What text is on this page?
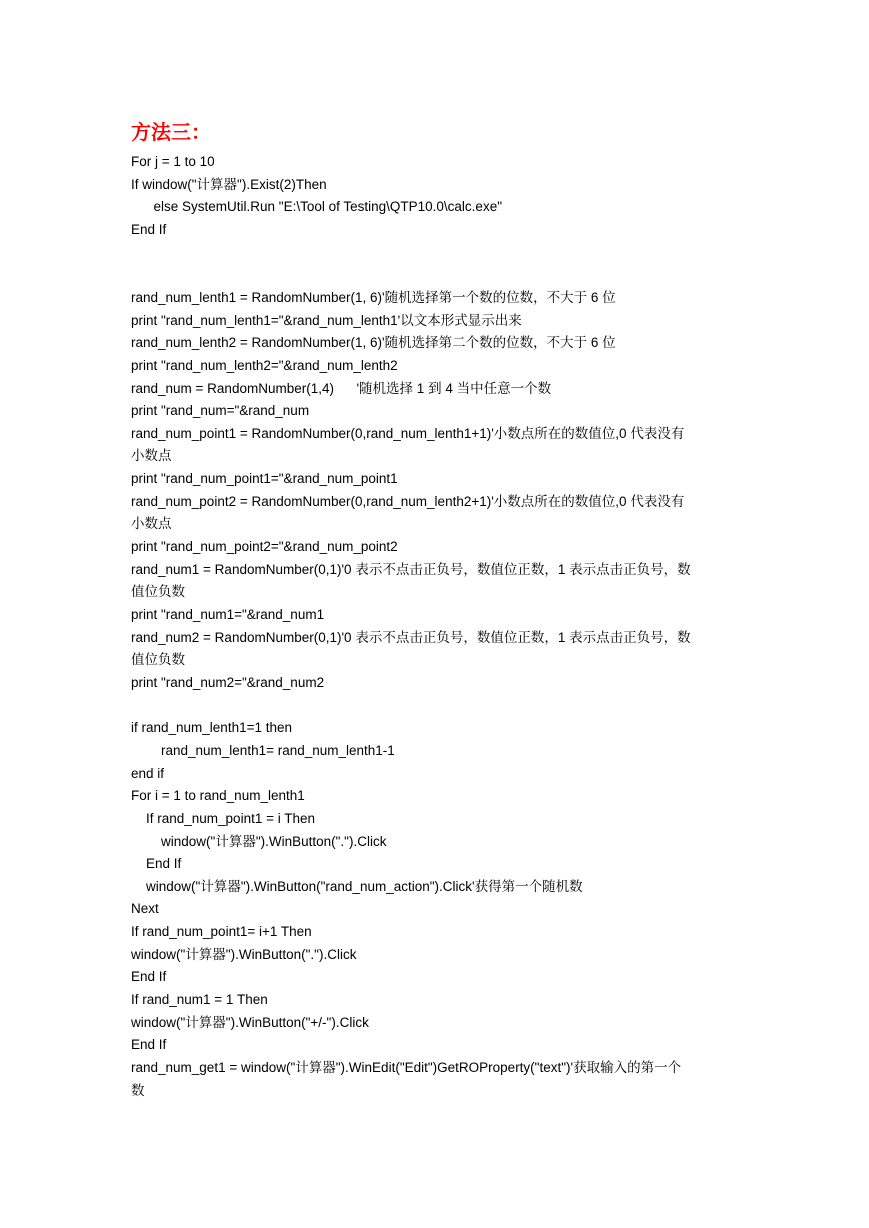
方法三：
For j = 1 to 10
If window("计算器").Exist(2)Then
else SystemUtil.Run "E:\Tool of Testing\QTP10.0\calc.exe"
End If
rand_num_lenth1 = RandomNumber(1, 6)'随机选择第一个数的位数，不大于 6 位
print "rand_num_lenth1="&rand_num_lenth1'以文本形式显示出来
rand_num_lenth2 = RandomNumber(1, 6)'随机选择第二个数的位数，不大于 6 位
print "rand_num_lenth2="&rand_num_lenth2
rand_num = RandomNumber(1,4)      '随机选择 1 到 4 当中任意一个数
print "rand_num="&rand_num
rand_num_point1 = RandomNumber(0,rand_num_lenth1+1)'小数点所在的数值位,0 代表没有
小数点
print "rand_num_point1="&rand_num_point1
rand_num_point2 = RandomNumber(0,rand_num_lenth2+1)'小数点所在的数值位,0 代表没有
小数点
print "rand_num_point2="&rand_num_point2
rand_num1 = RandomNumber(0,1)'0 表示不点击正负号，数值位正数，1 表示点击正负号，数
值位负数
print "rand_num1="&rand_num1
rand_num2 = RandomNumber(0,1)'0 表示不点击正负号，数值位正数，1 表示点击正负号，数
值位负数
print "rand_num2="&rand_num2
if rand_num_lenth1=1 then
rand_num_lenth1= rand_num_lenth1-1
end if
For i = 1 to rand_num_lenth1
If rand_num_point1 = i Then
window("计算器").WinButton(".").Click
End If
window("计算器").WinButton("rand_num_action").Click'获得第一个随机数
Next
If rand_num_point1= i+1 Then
window("计算器").WinButton(".").Click
End If
If rand_num1 = 1 Then
window("计算器").WinButton("+/-").Click
End If
rand_num_get1 = window("计算器").WinEdit("Edit")GetROProperty("text")'获取输入的第一个
数
